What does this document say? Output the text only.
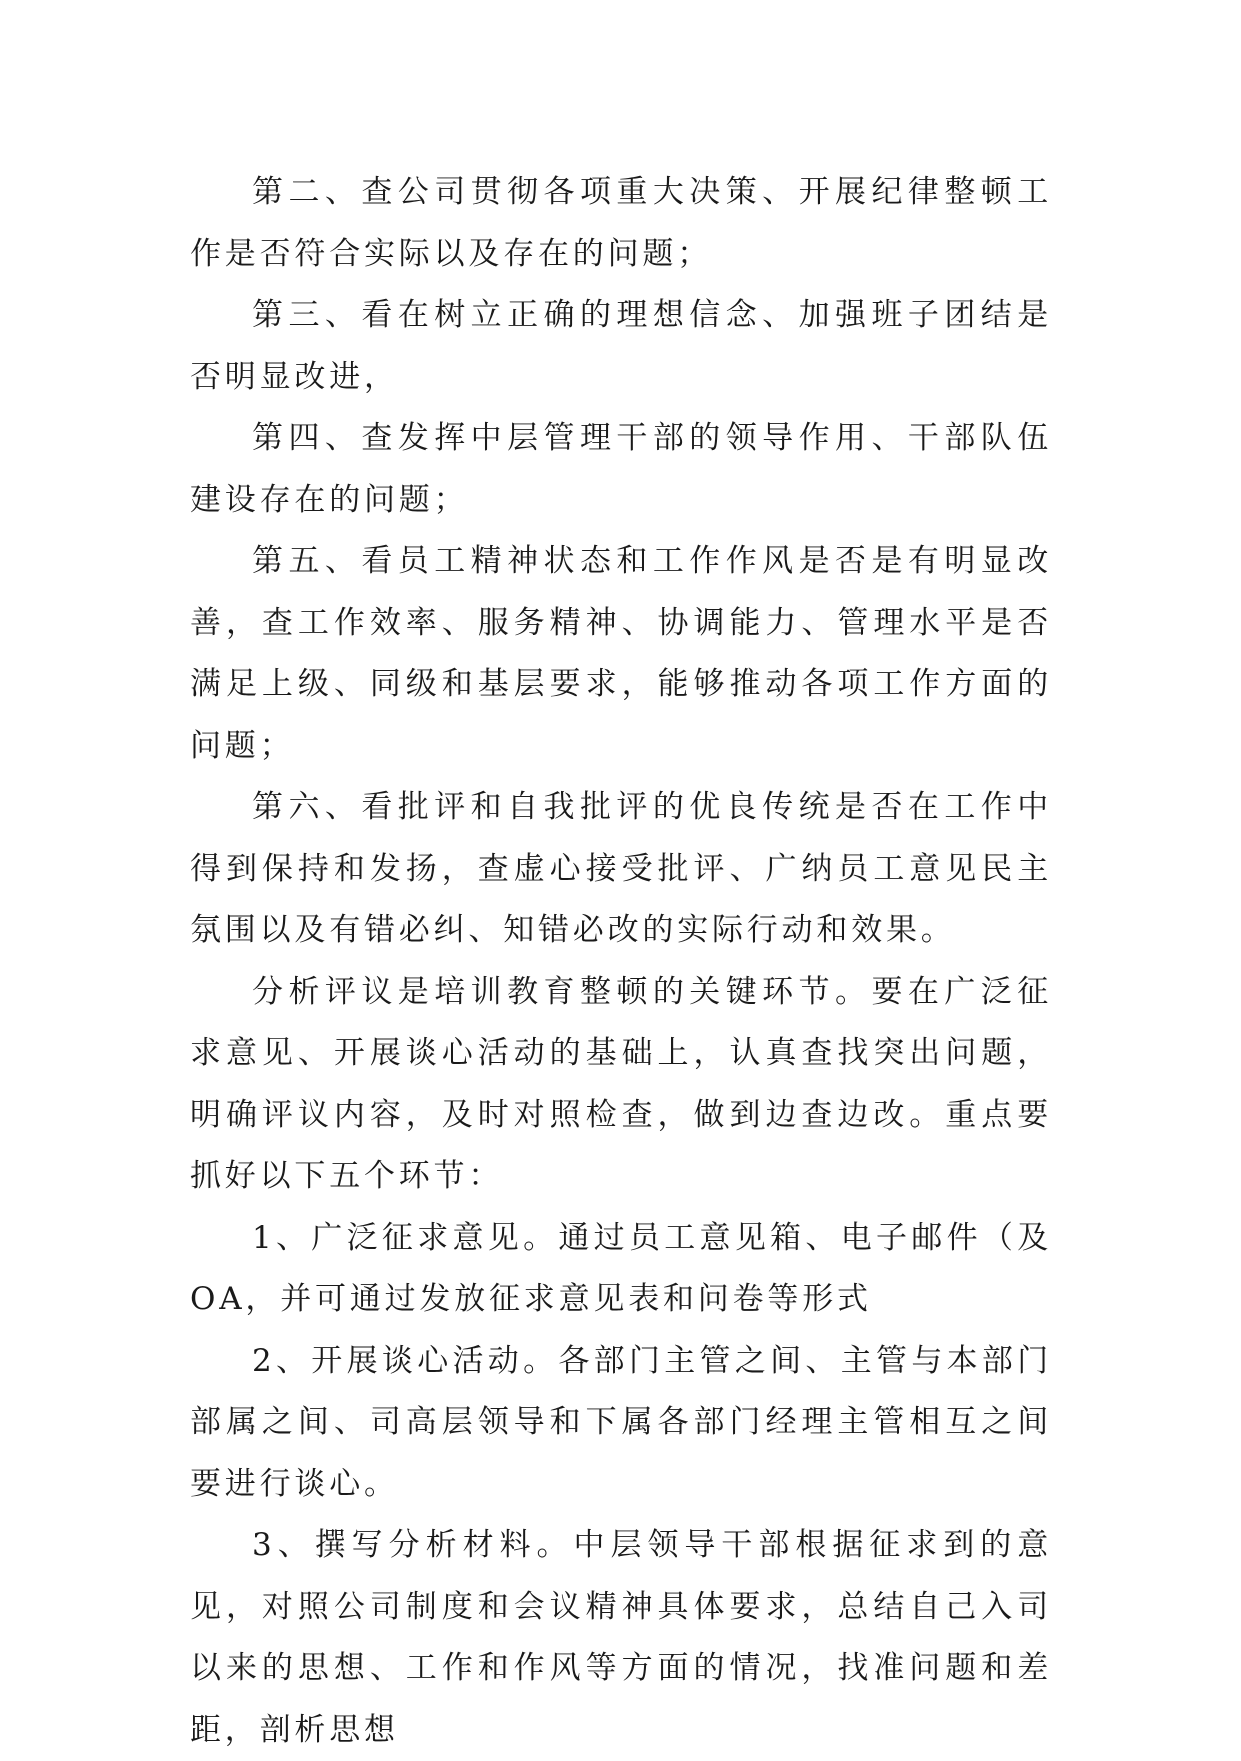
第二、查公司贯彻各项重大决策、开展纪律整顿工作是否符合实际以及存在的问题；

第三、看在树立正确的理想信念、加强班子团结是否明显改进，

第四、查发挥中层管理干部的领导作用、干部队伍建设存在的问题；

第五、看员工精神状态和工作作风是否是有明显改善，查工作效率、服务精神、协调能力、管理水平是否满足上级、同级和基层要求，能够推动各项工作方面的问题；

第六、看批评和自我批评的优良传统是否在工作中得到保持和发扬，查虚心接受批评、广纳员工意见民主氛围以及有错必纠、知错必改的实际行动和效果。

分析评议是培训教育整顿的关键环节。要在广泛征求意见、开展谈心活动的基础上，认真查找突出问题，明确评议内容，及时对照检查，做到边查边改。重点要抓好以下五个环节：

1、广泛征求意见。通过员工意见箱、电子邮件（及OA，并可通过发放征求意见表和问卷等形式

2、开展谈心活动。各部门主管之间、主管与本部门部属之间、司高层领导和下属各部门经理主管相互之间要进行谈心。

3、撰写分析材料。中层领导干部根据征求到的意见，对照公司制度和会议精神具体要求，总结自己入司以来的思想、工作和作风等方面的情况，找准问题和差距，剖析思想
